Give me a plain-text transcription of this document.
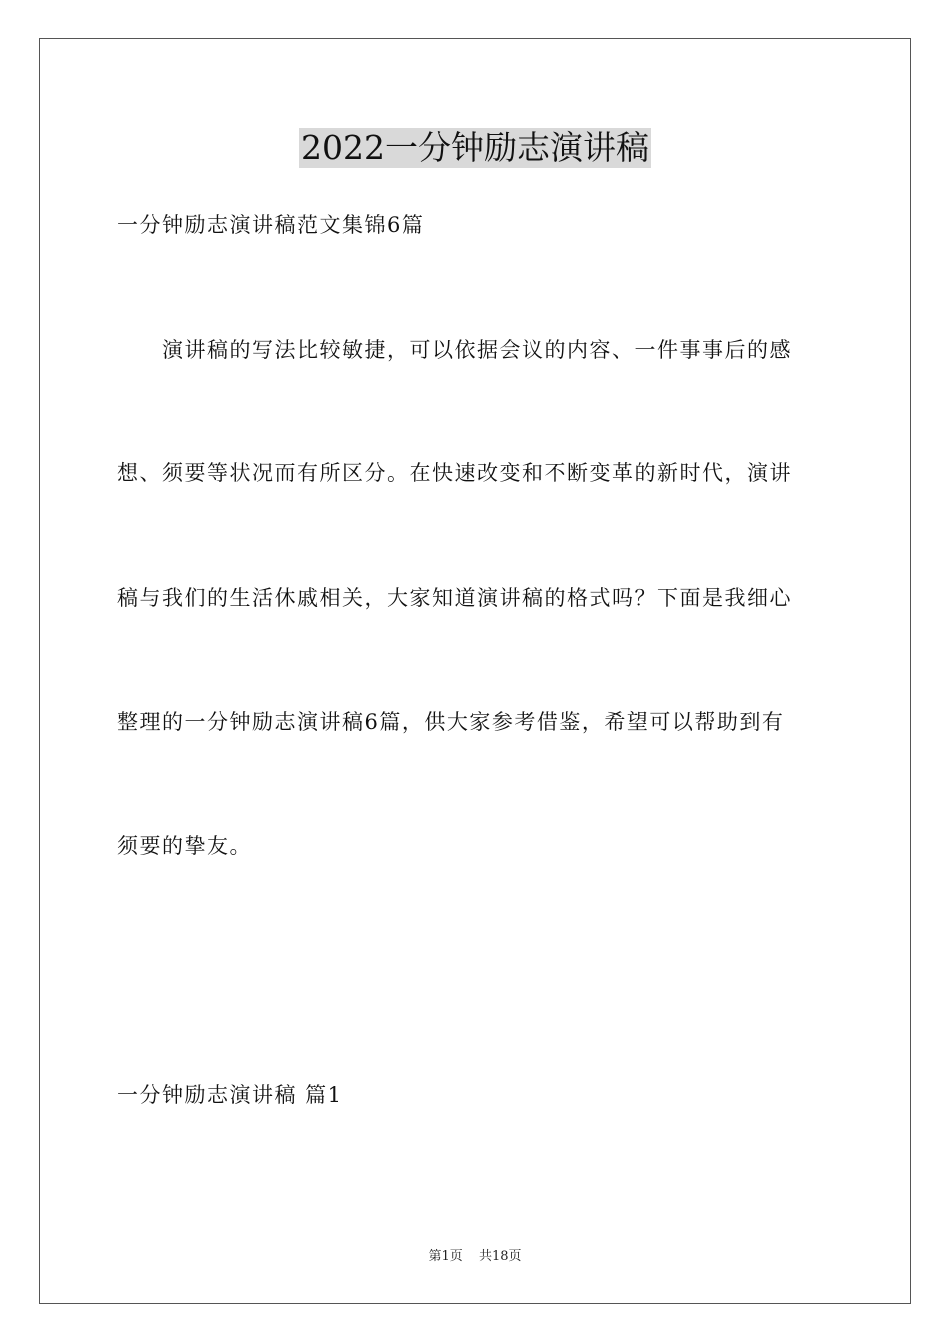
2022一分钟励志演讲稿
一分钟励志演讲稿范文集锦6篇
　　演讲稿的写法比较敏捷，可以依据会议的内容、一件事事后的感
想、须要等状况而有所区分。在快速改变和不断变革的新时代，演讲
稿与我们的生活休戚相关，大家知道演讲稿的格式吗？下面是我细心
整理的一分钟励志演讲稿6篇，供大家参考借鉴，希望可以帮助到有
须要的挚友。
一分钟励志演讲稿 篇1
第1页 共18页
